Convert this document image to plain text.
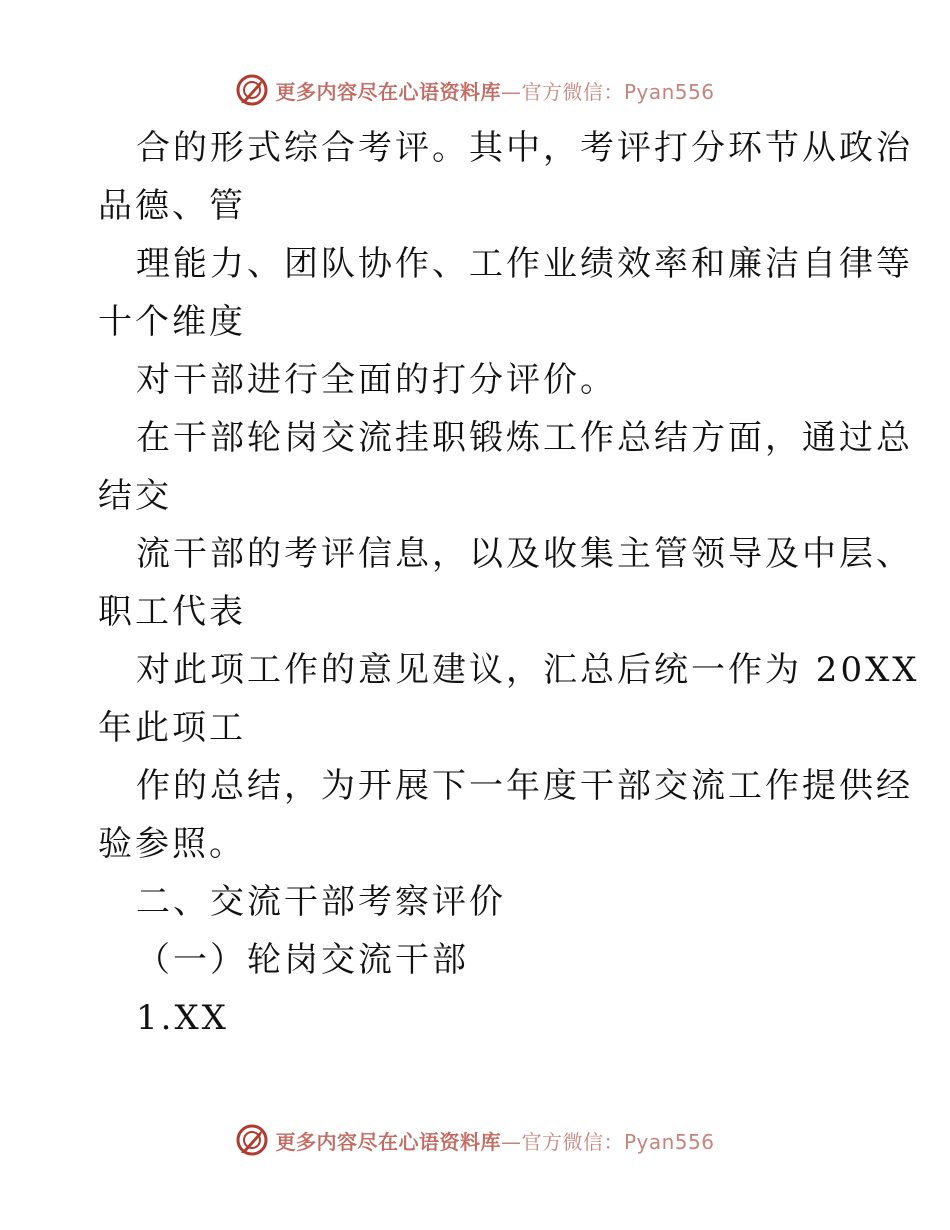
更多内容尽在心语资料库—官方微信：Pyan556
合的形式综合考评。其中，考评打分环节从政治
品德、管
理能力、团队协作、工作业绩效率和廉洁自律等
十个维度
对干部进行全面的打分评价。
在干部轮岗交流挂职锻炼工作总结方面，通过总
结交
流干部的考评信息，以及收集主管领导及中层、
职工代表
对此项工作的意见建议，汇总后统一作为 20XX
年此项工
作的总结，为开展下一年度干部交流工作提供经
验参照。
二、交流干部考察评价
（一）轮岗交流干部
1.XX
更多内容尽在心语资料库—官方微信：Pyan556
